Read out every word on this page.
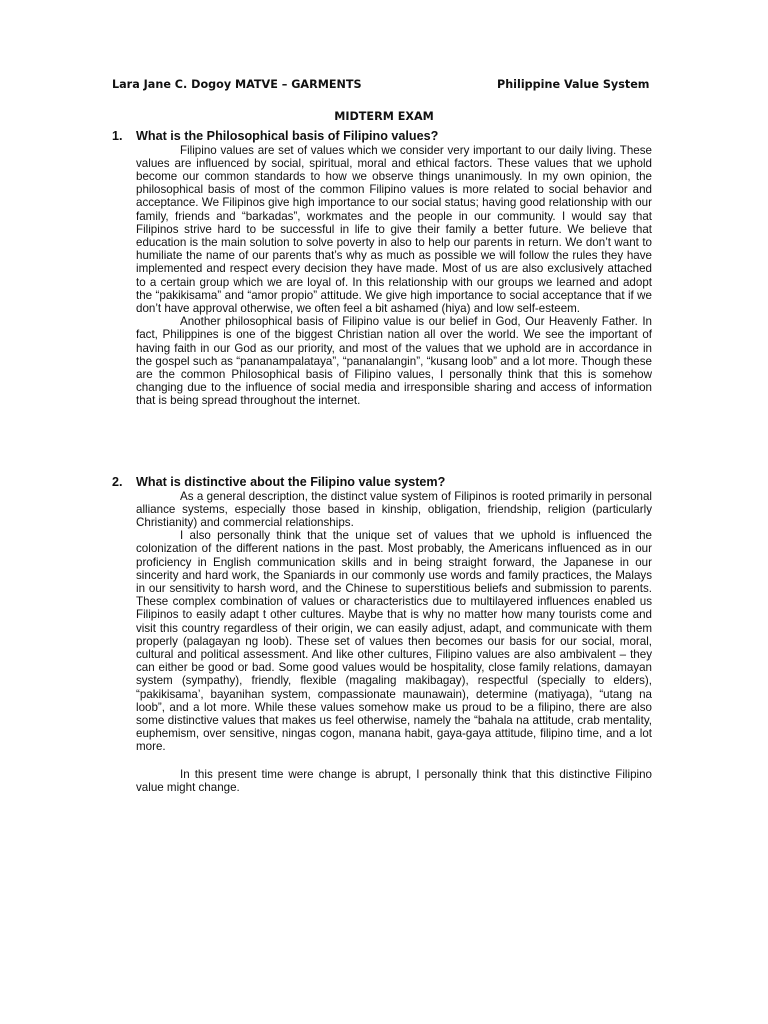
Lara Jane C. Dogoy MATVE – GARMENTS	Philippine Value System
MIDTERM EXAM
1. What is the Philosophical basis of Filipino values?

Filipino values are set of values which we consider very important to our daily living. These values are influenced by social, spiritual, moral and ethical factors. These values that we uphold become our common standards to how we observe things unanimously. In my own opinion, the philosophical basis of most of the common Filipino values is more related to social behavior and acceptance. We Filipinos give high importance to our social status; having good relationship with our family, friends and “barkadas”, workmates and the people in our community. I would say that Filipinos strive hard to be successful in life to give their family a better future. We believe that education is the main solution to solve poverty in also to help our parents in return. We don’t want to humiliate the name of our parents that’s why as much as possible we will follow the rules they have implemented and respect every decision they have made. Most of us are also exclusively attached to a certain group which we are loyal of. In this relationship with our groups we learned and adopt the “pakikisama” and “amor propio” attitude. We give high importance to social acceptance that if we don’t have approval otherwise, we often feel a bit ashamed (hiya) and low self-esteem.

Another philosophical basis of Filipino value is our belief in God, Our Heavenly Father. In fact, Philippines is one of the biggest Christian nation all over the world. We see the important of having faith in our God as our priority, and most of the values that we uphold are in accordance in the gospel such as “pananampalataya”, “pananalangin”, “kusang loob” and a lot more. Though these are the common Philosophical basis of Filipino values, I personally think that this is somehow changing due to the influence of social media and irresponsible sharing and access of information that is being spread throughout the internet.

2. What is distinctive about the Filipino value system?

As a general description, the distinct value system of Filipinos is rooted primarily in personal alliance systems, especially those based in kinship, obligation, friendship, religion (particularly Christianity) and commercial relationships.

I also personally think that the unique set of values that we uphold is influenced the colonization of the different nations in the past. Most probably, the Americans influenced as in our proficiency in English communication skills and in being straight forward, the Japanese in our sincerity and hard work, the Spaniards in our commonly use words and family practices, the Malays in our sensitivity to harsh word, and the Chinese to superstitious beliefs and submission to parents. These complex combination of values or characteristics due to multilayered influences enabled us Filipinos to easily adapt t other cultures. Maybe that is why no matter how many tourists come and visit this country regardless of their origin, we can easily adjust, adapt, and communicate with them properly (palagayan ng loob). These set of values then becomes our basis for our social, moral, cultural and political assessment. And like other cultures, Filipino values are also ambivalent – they can either be good or bad. Some good values would be hospitality, close family relations, damayan system (sympathy), friendly, flexible (magaling makibagay), respectful (specially to elders), “pakikisama’, bayanihan system, compassionate maunawain), determine (matiyaga), “utang na loob”, and a lot more. While these values somehow make us proud to be a filipino, there are also some distinctive values that makes us feel otherwise, namely the “bahala na attitude, crab mentality, euphemism, over sensitive, ningas cogon, manana habit, gaya-gaya attitude, filipino time, and a lot more.

In this present time were change is abrupt, I personally think that this distinctive Filipino value might change.
